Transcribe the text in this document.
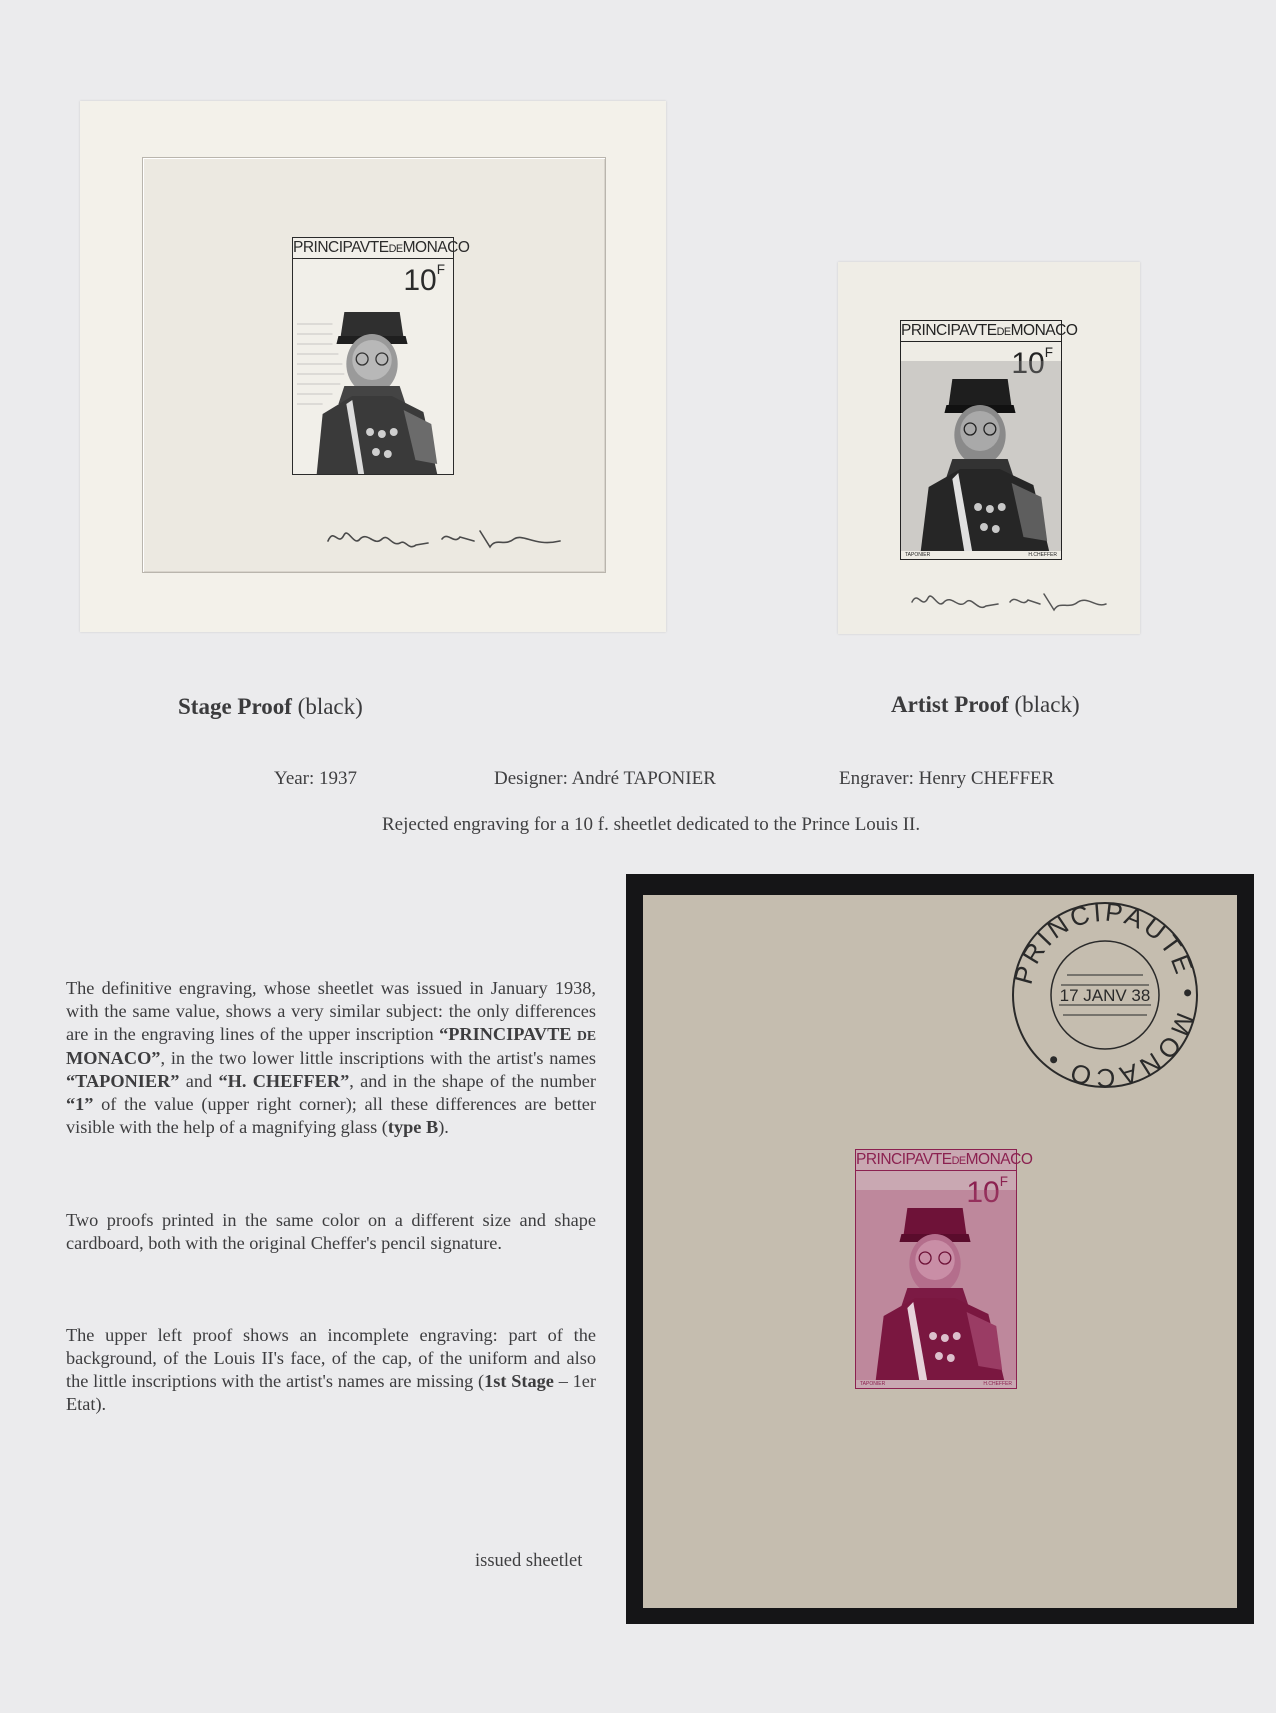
PRINCIPAVTEDEMONACO
$10^F$
PRINCIPAVTEDEMONACO
$10^F$
TAPONIER	H.CHEFFER
Stage Proof (black)	Artist Proof (black)
Year: 1937	Designer: André TAPONIER	Engraver: Henry CHEFFER
Rejected engraving for a 10 f. sheetlet dedicated to the Prince Louis II.
The definitive engraving, whose sheetlet was issued in January 1938, with the same value, shows a very similar subject: the only differences are in the engraving lines of the upper inscription “PRINCIPAVTE DE MONACO”, in the two lower little inscriptions with the artist's names “TAPONIER” and “H. CHEFFER”, and in the shape of the number “1” of the value (upper right corner); all these differences are better visible with the help of a magnifying glass (type B).
Two proofs printed in the same color on a different size and shape cardboard, both with the original Cheffer's pencil signature.
The upper left proof shows an incomplete engraving: part of the background, of the Louis II's face, of the cap, of the uniform and also the little inscriptions with the artist's names are missing (1st Stage – 1er Etat).
issued sheetlet
PRINCIPAUTE • MONACO •
17 JANV 38
PRINCIPAVTEDEMONACO
$10^F$
TAPONIER	H.CHEFFER
